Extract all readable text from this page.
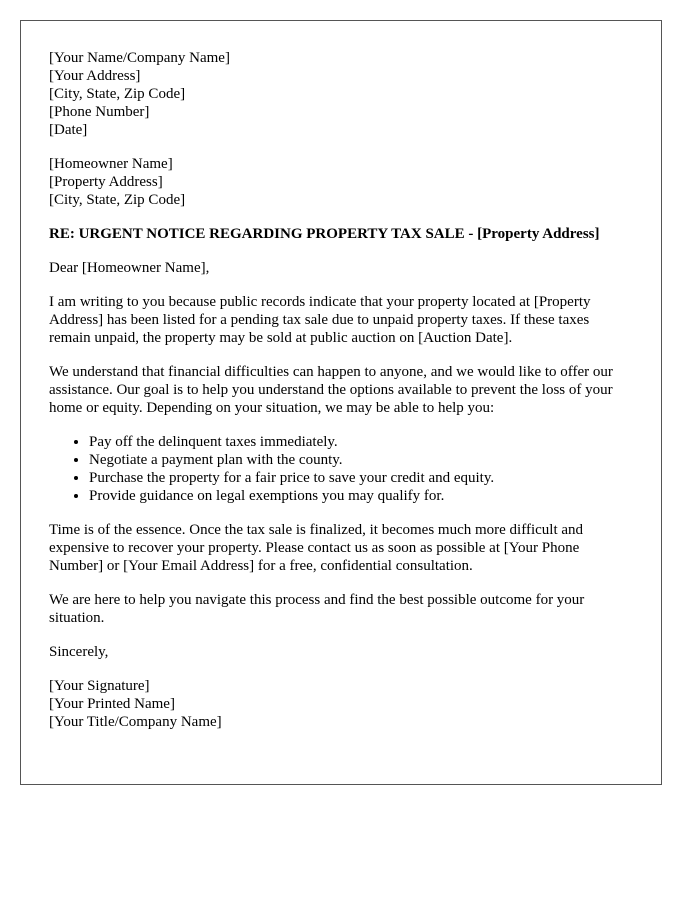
[Your Name/Company Name]
[Your Address]
[City, State, Zip Code]
[Phone Number]
[Date]
[Homeowner Name]
[Property Address]
[City, State, Zip Code]
RE: URGENT NOTICE REGARDING PROPERTY TAX SALE - [Property Address]

Dear [Homeowner Name],

I am writing to you because public records indicate that your property located at [Property Address] has been listed for a pending tax sale due to unpaid property taxes. If these taxes remain unpaid, the property may be sold at public auction on [Auction Date].

We understand that financial difficulties can happen to anyone, and we would like to offer our assistance. Our goal is to help you understand the options available to prevent the loss of your home or equity. Depending on your situation, we may be able to help you:

• Pay off the delinquent taxes immediately.
• Negotiate a payment plan with the county.
• Purchase the property for a fair price to save your credit and equity.
• Provide guidance on legal exemptions you may qualify for.

Time is of the essence. Once the tax sale is finalized, it becomes much more difficult and expensive to recover your property. Please contact us as soon as possible at [Your Phone Number] or [Your Email Address] for a free, confidential consultation.

We are here to help you navigate this process and find the best possible outcome for your situation.

Sincerely,

[Your Signature]
[Your Printed Name]
[Your Title/Company Name]
